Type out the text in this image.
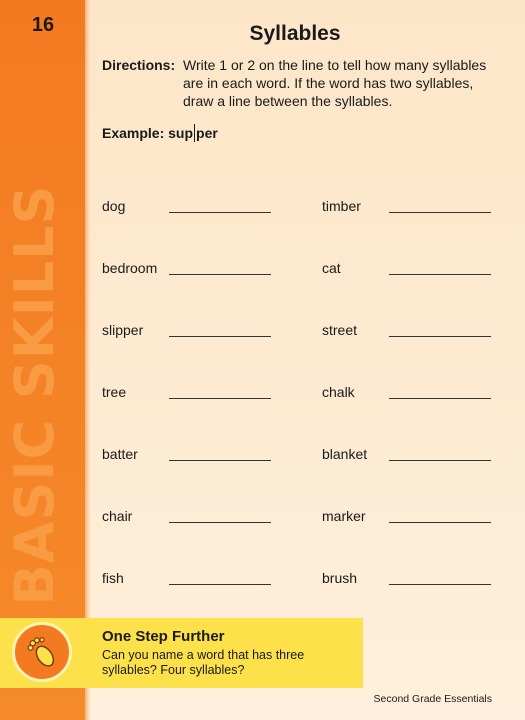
16
BASIC SKILLS
Syllables
Directions: Write 1 or 2 on the line to tell how many syllables are in each word. If the word has two syllables, draw a line between the syllables.
Example: sup per
dog	timber
bedroom	cat
slipper	street
tree	chalk
batter	blanket
chair	marker
fish	brush
One Step Further
Can you name a word that has three syllables? Four syllables?
Second Grade Essentials
